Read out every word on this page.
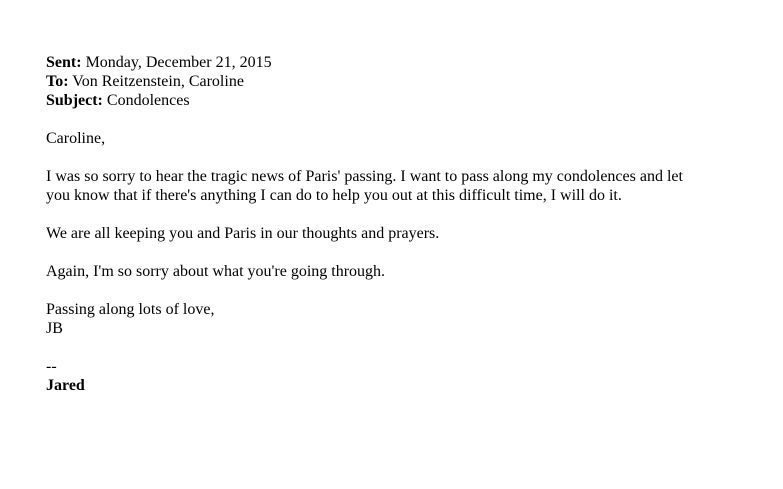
Sent: Monday, December 21, 2015
To: Von Reitzenstein, Caroline
Subject: Condolences
Caroline,
I was so sorry to hear the tragic news of Paris' passing. I want to pass along my condolences and let
you know that if there's anything I can do to help you out at this difficult time, I will do it.
We are all keeping you and Paris in our thoughts and prayers.
Again, I'm so sorry about what you're going through.
Passing along lots of love,
JB
--
Jared
